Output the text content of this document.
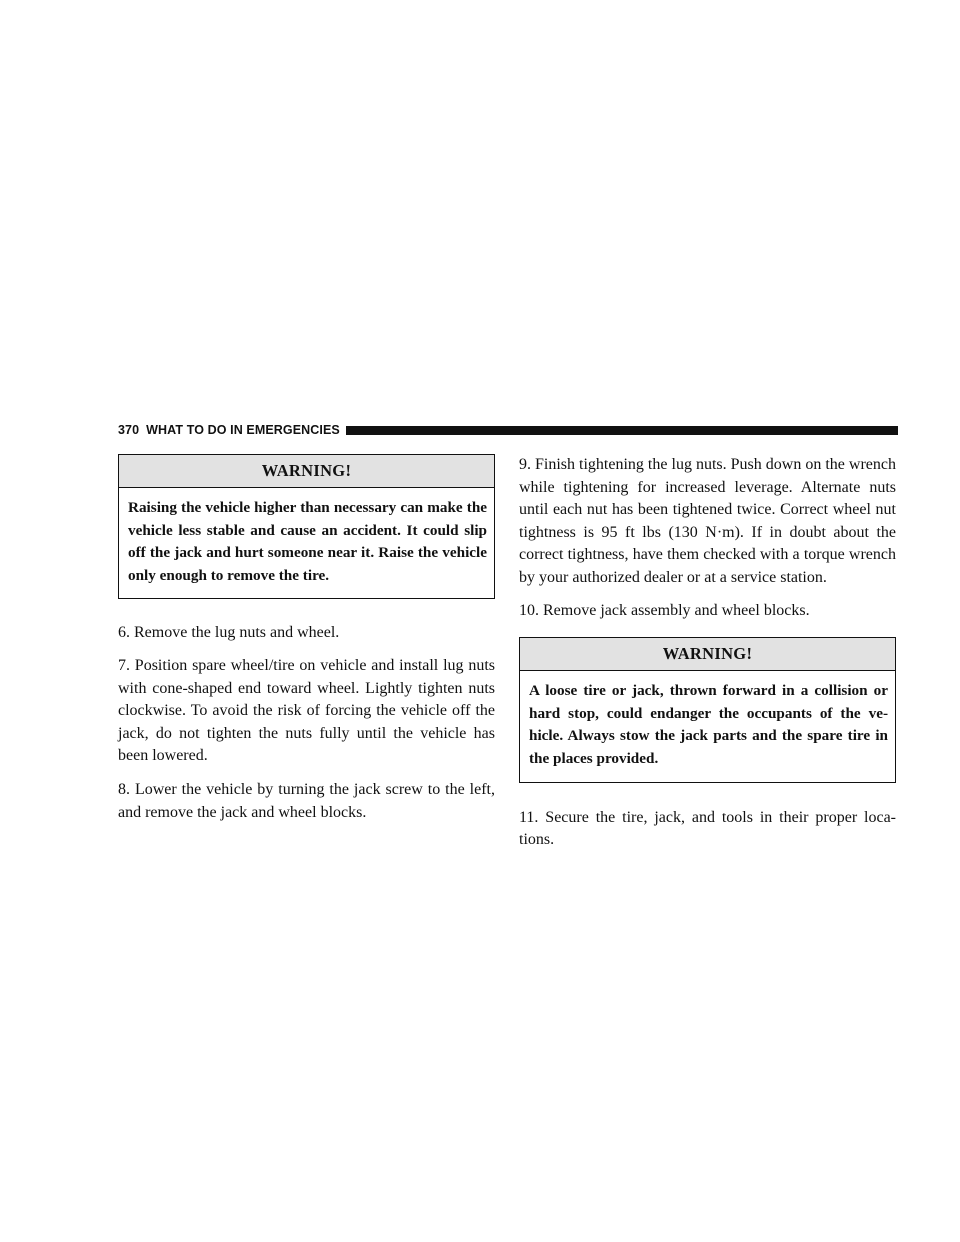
370 WHAT TO DO IN EMERGENCIES
WARNING!
Raising the vehicle higher than necessary can make the vehicle less stable and cause an accident. It could slip off the jack and hurt someone near it. Raise the vehicle only enough to remove the tire.

6. Remove the lug nuts and wheel.

7. Position spare wheel/tire on vehicle and install lug nuts with cone-shaped end toward wheel. Lightly tighten nuts clockwise. To avoid the risk of forcing the vehicle off the jack, do not tighten the nuts fully until the vehicle has been lowered.

8. Lower the vehicle by turning the jack screw to the left, and remove the jack and wheel blocks.

9. Finish tightening the lug nuts. Push down on the wrench while tightening for increased leverage. Alternate nuts until each nut has been tightened twice. Correct wheel nut tightness is 95 ft lbs (130 N·m). If in doubt about the correct tightness, have them checked with a torque wrench by your authorized dealer or at a service station.

10. Remove jack assembly and wheel blocks.

WARNING!
A loose tire or jack, thrown forward in a collision or hard stop, could endanger the occupants of the ve- hicle. Always stow the jack parts and the spare tire in the places provided.

11. Secure the tire, jack, and tools in their proper loca- tions.
